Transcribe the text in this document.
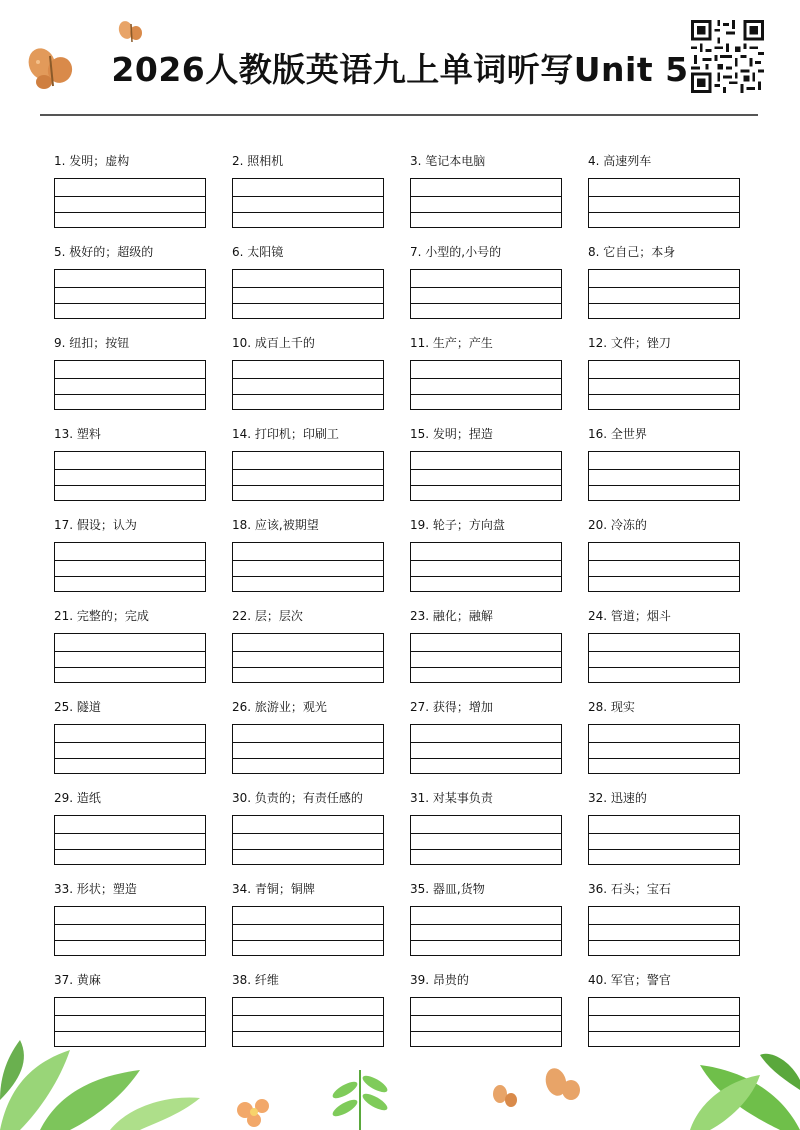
2026人教版英语九上单词听写Unit 5
1. 发明；虚构	2. 照相机	3. 笔记本电脑	4. 高速列车
5. 极好的；超级的	6. 太阳镜	7. 小型的,小号的	8. 它自己；本身
9. 纽扣；按钮	10. 成百上千的	11. 生产；产生	12. 文件；锉刀
13. 塑料	14. 打印机；印刷工	15. 发明；捏造	16. 全世界
17. 假设；认为	18. 应该,被期望	19. 轮子；方向盘	20. 冷冻的
21. 完整的；完成	22. 层；层次	23. 融化；融解	24. 管道；烟斗
25. 隧道	26. 旅游业；观光	27. 获得；增加	28. 现实
29. 造纸	30. 负责的；有责任感的	31. 对某事负责	32. 迅速的
33. 形状；塑造	34. 青铜；铜牌	35. 器皿,货物	36. 石头；宝石
37. 黄麻	38. 纤维	39. 昂贵的	40. 军官；警官
